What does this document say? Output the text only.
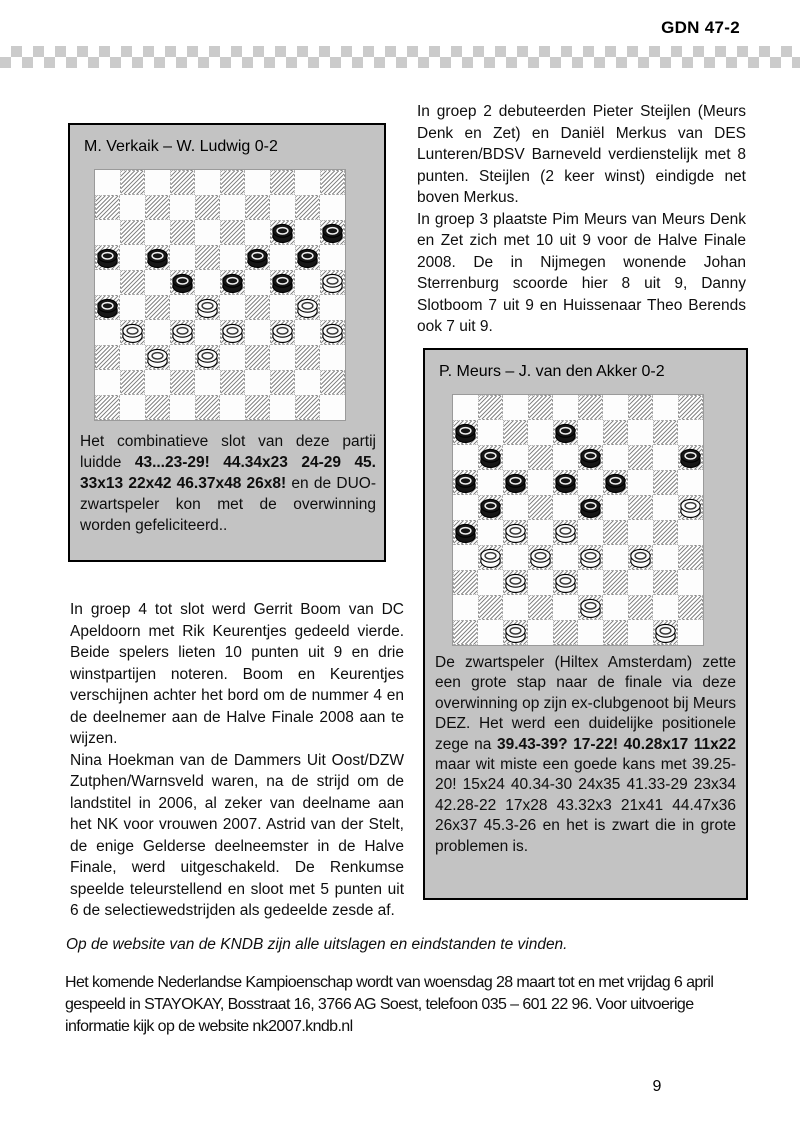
GDN 47-2
M. Verkaik – W. Ludwig 0-2

Het combinatieve slot van deze partij luidde 43...23-29! 44.34x23 24-29 45. 33x13 22x42 46.37x48 26x8! en de DUO-zwartspeler kon met de overwinning worden gefeliciteerd..

In groep 2 debuteerden Pieter Steijlen (Meurs Denk en Zet) en Daniël Merkus van DES Lunteren/BDSV Barneveld verdienstelijk met 8 punten. Steijlen (2 keer winst) eindigde net boven Merkus.

In groep 3 plaatste Pim Meurs van Meurs Denk en Zet zich met 10 uit 9 voor de Halve Finale 2008. De in Nijmegen wonende Johan Sterrenburg scoorde hier 8 uit 9, Danny Slotboom 7 uit 9 en Huissenaar Theo Berends ook 7 uit 9.

P. Meurs – J. van den Akker 0-2

De zwartspeler (Hiltex Amsterdam) zette een grote stap naar de finale via deze overwinning op zijn ex-clubgenoot bij Meurs DEZ. Het werd een duidelijke positionele zege na 39.43-39? 17-22! 40.28x17 11x22 maar wit miste een goede kans met 39.25-20! 15x24 40.34-30 24x35 41.33-29 23x34 42.28-22 17x28 43.32x3 21x41 44.47x36 26x37 45.3-26 en het is zwart die in grote problemen is.

In groep 4 tot slot werd Gerrit Boom van DC Apeldoorn met Rik Keurentjes gedeeld vierde. Beide spelers lieten 10 punten uit 9 en drie winstpartijen noteren. Boom en Keurentjes verschijnen achter het bord om de nummer 4 en de deelnemer aan de Halve Finale 2008 aan te wijzen.

Nina Hoekman van de Dammers Uit Oost/DZW Zutphen/Warnsveld waren, na de strijd om de landstitel in 2006, al zeker van deelname aan het NK voor vrouwen 2007. Astrid van der Stelt, de enige Gelderse deelneemster in de Halve Finale, werd uitgeschakeld. De Renkumse speelde teleurstellend en sloot met 5 punten uit 6 de selectiewedstrijden als gedeelde zesde af.

Op de website van de KNDB zijn alle uitslagen en eindstanden te vinden.

Het komende Nederlandse Kampioenschap wordt van woensdag 28 maart tot en met vrijdag 6 april gespeeld in STAYOKAY, Bosstraat 16, 3766 AG Soest, telefoon 035 – 601 22 96. Voor uitvoerige informatie kijk op de website nk2007.kndb.nl

9
